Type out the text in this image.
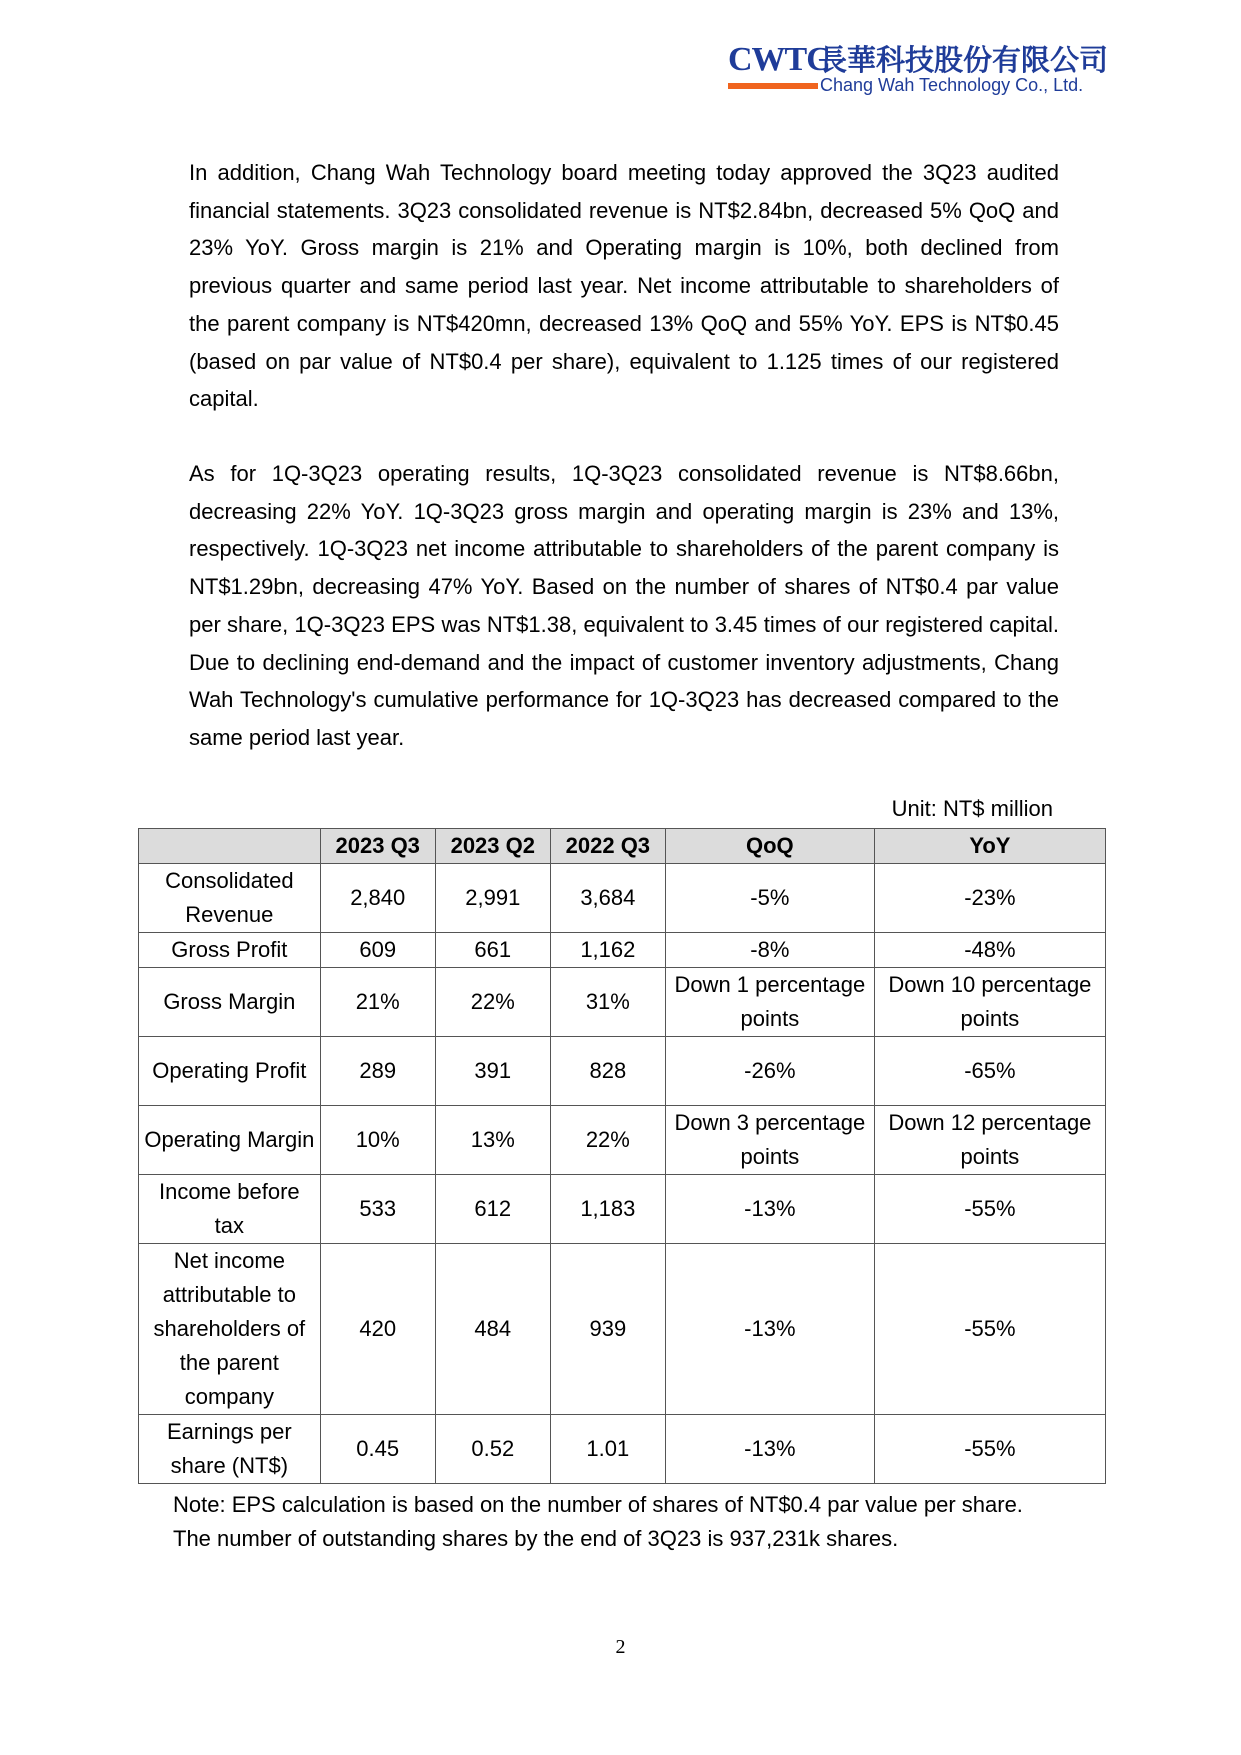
CWTC
長華科技股份有限公司
Chang Wah Technology Co., Ltd.

In addition, Chang Wah Technology board meeting today approved the 3Q23 audited financial statements. 3Q23 consolidated revenue is NT$2.84bn, decreased 5% QoQ and 23% YoY. Gross margin is 21% and Operating margin is 10%, both declined from previous quarter and same period last year. Net income attributable to shareholders of the parent company is NT$420mn, decreased 13% QoQ and 55% YoY. EPS is NT$0.45 (based on par value of NT$0.4 per share), equivalent to 1.125 times of our registered capital.

As for 1Q-3Q23 operating results, 1Q-3Q23 consolidated revenue is NT$8.66bn, decreasing 22% YoY. 1Q-3Q23 gross margin and operating margin is 23% and 13%, respectively. 1Q-3Q23 net income attributable to shareholders of the parent company is NT$1.29bn, decreasing 47% YoY. Based on the number of shares of NT$0.4 par value per share, 1Q-3Q23 EPS was NT$1.38, equivalent to 3.45 times of our registered capital. Due to declining end-demand and the impact of customer inventory adjustments, Chang Wah Technology's cumulative performance for 1Q-3Q23 has decreased compared to the same period last year.

Unit: NT$ million
	2023 Q3	2023 Q2	2022 Q3	QoQ	YoY
Consolidated Revenue	2,840	2,991	3,684	-5%	-23%
Gross Profit	609	661	1,162	-8%	-48%
Gross Margin	21%	22%	31%	Down 1 percentage points	Down 10 percentage points
Operating Profit	289	391	828	-26%	-65%
Operating Margin	10%	13%	22%	Down 3 percentage points	Down 12 percentage points
Income before tax	533	612	1,183	-13%	-55%
Net income attributable to shareholders of the parent company	420	484	939	-13%	-55%
Earnings per share (NT$)	0.45	0.52	1.01	-13%	-55%
Note: EPS calculation is based on the number of shares of NT$0.4 par value per share.
The number of outstanding shares by the end of 3Q23 is 937,231k shares.
2
